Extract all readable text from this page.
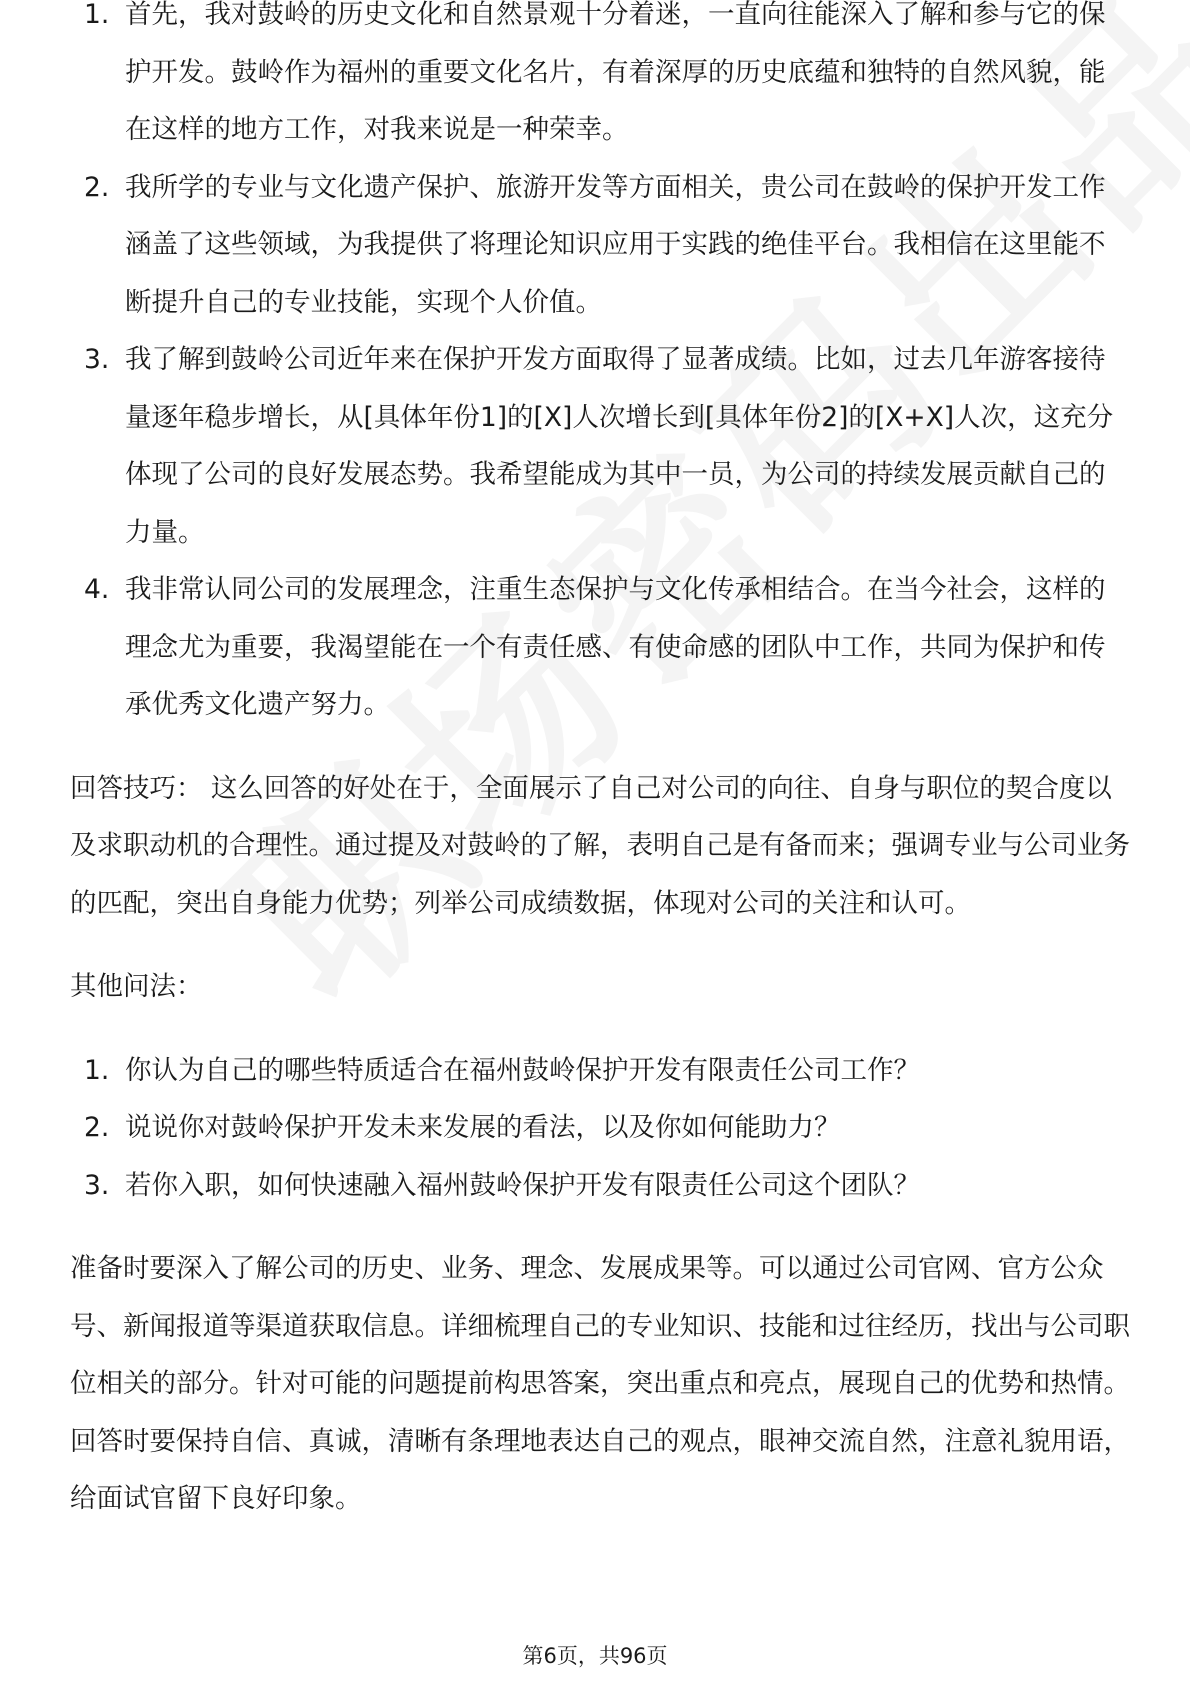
1. 首先，我对鼓岭的历史文化和自然景观十分着迷，一直向往能深入了解和参与它的保护开发。鼓岭作为福州的重要文化名片，有着深厚的历史底蕴和独特的自然风貌，能在这样的地方工作，对我来说是一种荣幸。
2. 我所学的专业与文化遗产保护、旅游开发等方面相关，贵公司在鼓岭的保护开发工作涵盖了这些领域，为我提供了将理论知识应用于实践的绝佳平台。我相信在这里能不断提升自己的专业技能，实现个人价值。
3. 我了解到鼓岭公司近年来在保护开发方面取得了显著成绩。比如，过去几年游客接待量逐年稳步增长，从[具体年份1]的[X]人次增长到[具体年份2]的[X+X]人次，这充分体现了公司的良好发展态势。我希望能成为其中一员，为公司的持续发展贡献自己的力量。
4. 我非常认同公司的发展理念，注重生态保护与文化传承相结合。在当今社会，这样的理念尤为重要，我渴望能在一个有责任感、有使命感的团队中工作，共同为保护和传承优秀文化遗产努力。

回答技巧： 这么回答的好处在于，全面展示了自己对公司的向往、自身与职位的契合度以及求职动机的合理性。通过提及对鼓岭的了解，表明自己是有备而来；强调专业与公司业务的匹配，突出自身能力优势；列举公司成绩数据，体现对公司的关注和认可。

其他问法：

1. 你认为自己的哪些特质适合在福州鼓岭保护开发有限责任公司工作？
2. 说说你对鼓岭保护开发未来发展的看法，以及你如何能助力？
3. 若你入职，如何快速融入福州鼓岭保护开发有限责任公司这个团队？

准备时要深入了解公司的历史、业务、理念、发展成果等。可以通过公司官网、官方公众号、新闻报道等渠道获取信息。详细梳理自己的专业知识、技能和过往经历，找出与公司职位相关的部分。针对可能的问题提前构思答案，突出重点和亮点，展现自己的优势和热情。回答时要保持自信、真诚，清晰有条理地表达自己的观点，眼神交流自然，注意礼貌用语，给面试官留下良好印象。

第6页，共96页
